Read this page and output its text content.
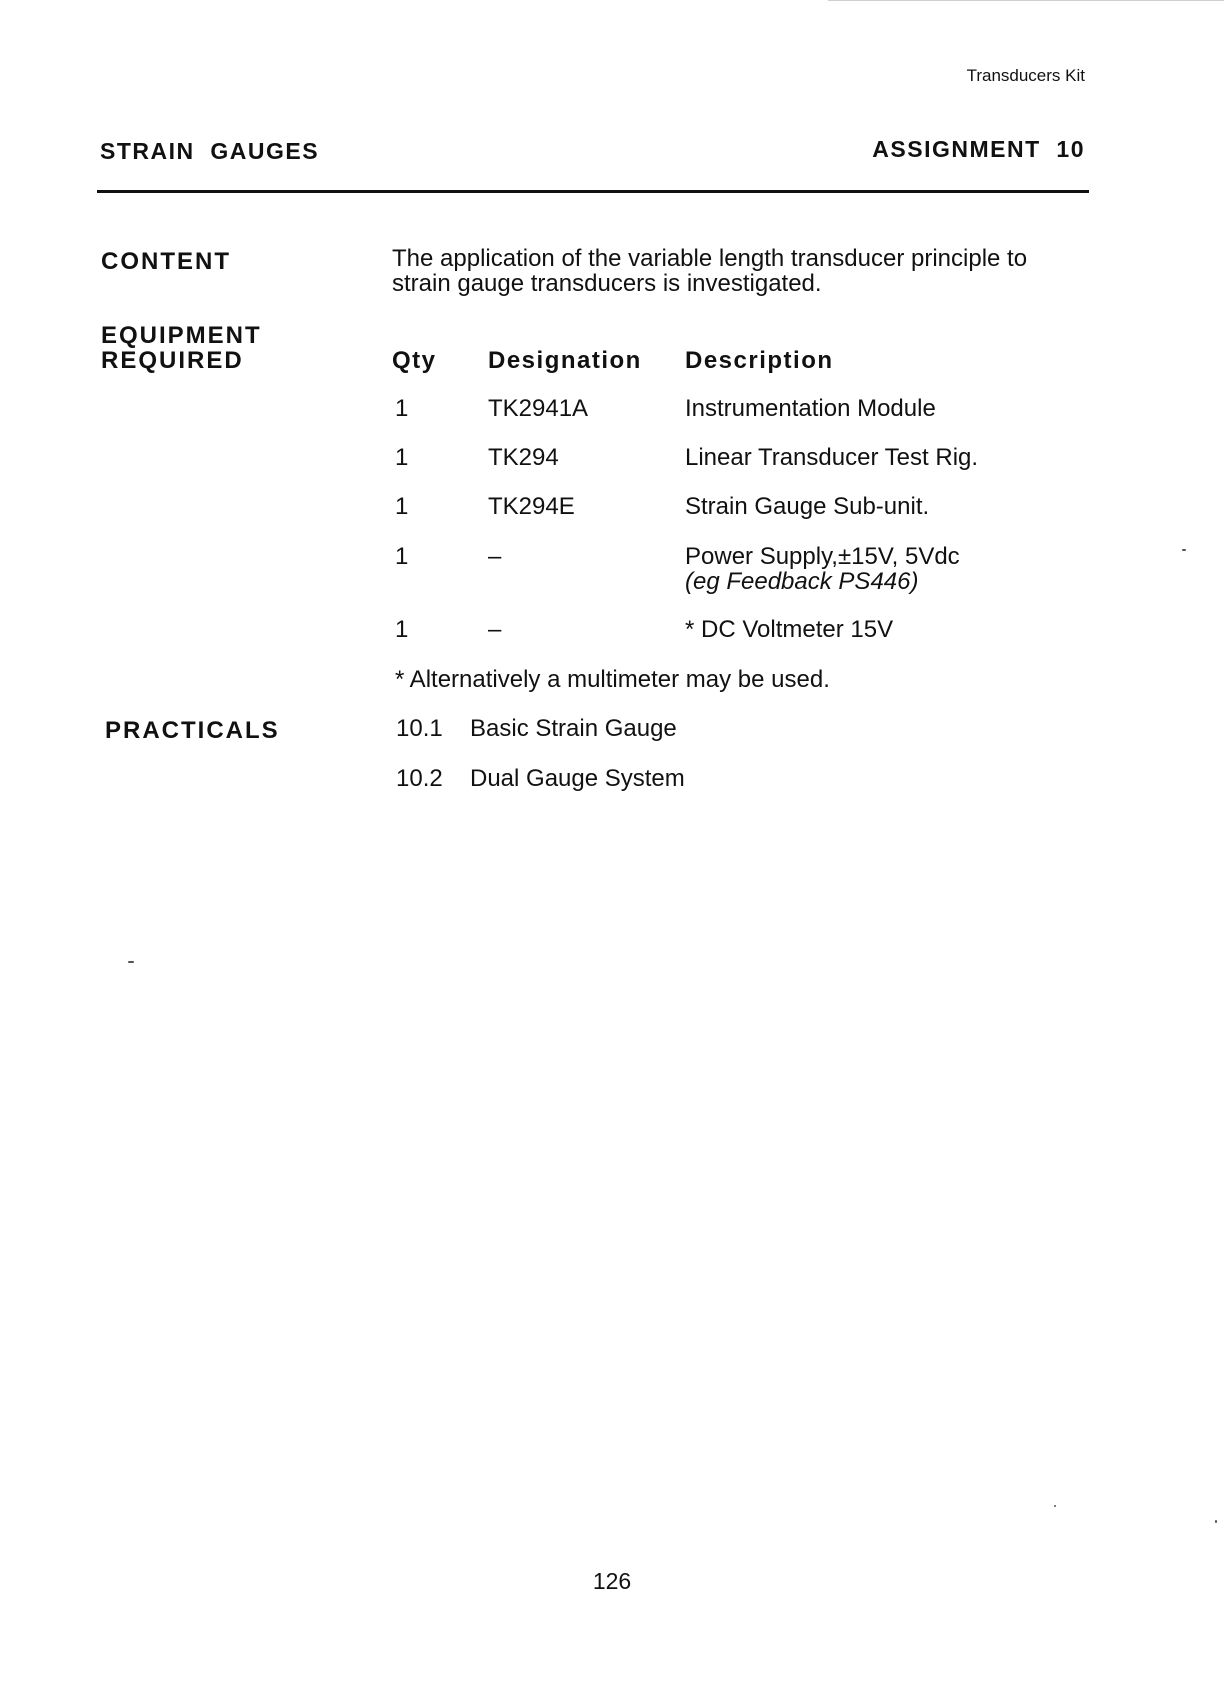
Transducers Kit
STRAIN  GAUGES	ASSIGNMENT  10
CONTENT	The application of the variable length transducer principle to
strain gauge transducers is investigated.
EQUIPMENT
REQUIRED	Qty Designation Description
1	TK2941A	Instrumentation Module
1	TK294	Linear Transducer Test Rig.
1	TK294E	Strain Gauge Sub-unit.
1	–	Power Supply,±15V, 5Vdc
(eg Feedback PS446)
1	–	* DC Voltmeter 15V
* Alternatively a multimeter may be used.
PRACTICALS	10.1 Basic Strain Gauge
10.2 Dual Gauge System
126
